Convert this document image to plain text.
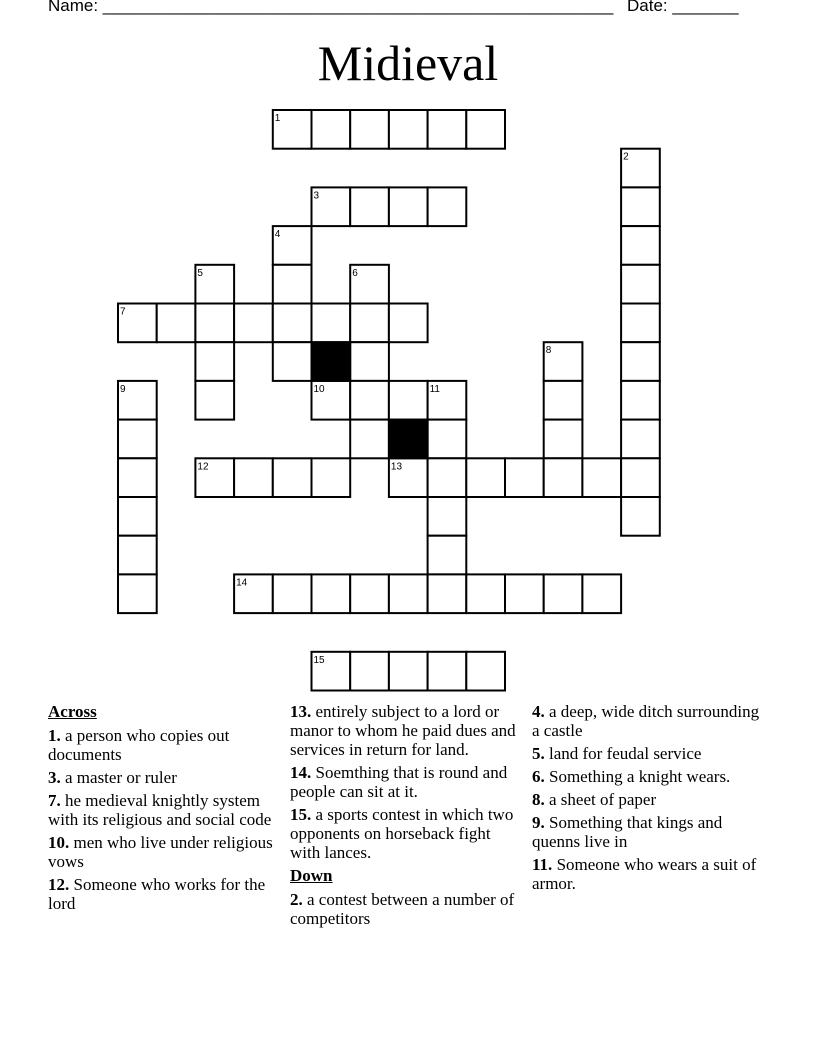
Name: ______________________________________________________ Date: _______
Midieval
1
2
3
4
5	6
7
8
9	10	11
12	13
14
15
Across
1. a person who copies out documents
3. a master or ruler
7. he medieval knightly system with its religious and social code
10. men who live under religious vows
12. Someone who works for the lord
13. entirely subject to a lord or manor to whom he paid dues and services in return for land.
14. Soemthing that is round and people can sit at it.
15. a sports contest in which two opponents on horseback fight with lances.
Down
2. a contest between a number of competitors
4. a deep, wide ditch surrounding a castle
5. land for feudal service
6. Something a knight wears.
8. a sheet of paper
9. Something that kings and quenns live in
11. Someone who wears a suit of armor.
